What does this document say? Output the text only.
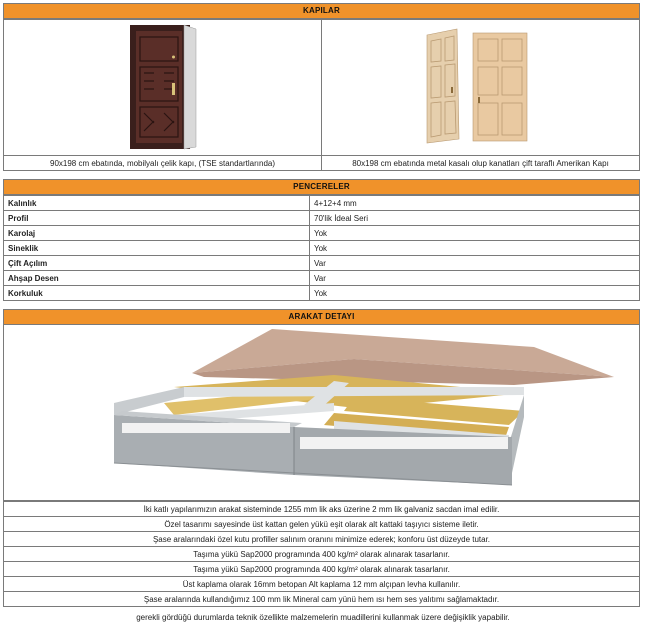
KAPILAR

90x198 cm ebatında, mobilyalı çelik kapı, (TSE standartlarında)	80x198 cm ebatında metal kasalı olup kanatları çift taraflı Amerikan Kapı
PENCERELER
Kalınlık	4+12+4 mm
Profil	70'lik İdeal Seri
Karolaj	Yok
Sineklik	Yok
Çift Açılım	Var
Ahşap Desen	Var
Korkuluk	Yok
ARAKAT DETAYI
İki katlı yapılarımızın arakat sisteminde 1255 mm lik aks üzerine 2 mm lik galvaniz sacdan imal edilir.
Özel tasarımı sayesinde üst kattan gelen yükü eşit olarak alt kattaki taşıyıcı sisteme iletir.
Şase aralarındaki özel kutu profiller salınım oranını minimize ederek; konforu üst düzeyde tutar.
Taşıma yükü Sap2000 programında 400 kg/m² olarak alınarak tasarlanır.
Taşıma yükü Sap2000 programında 400 kg/m² olarak alınarak tasarlanır.
Üst kaplama olarak 16mm betopan Alt kaplama 12 mm alçıpan levha kullanılır.
Şase aralarında kullandığımız 100 mm lik Mineral cam yünü hem ısı hem ses yalıtımı sağlamaktadır.
gerekli gördüğü durumlarda teknik özellikte malzemelerin muadillerini kullanmak üzere değişiklik yapabilir.
